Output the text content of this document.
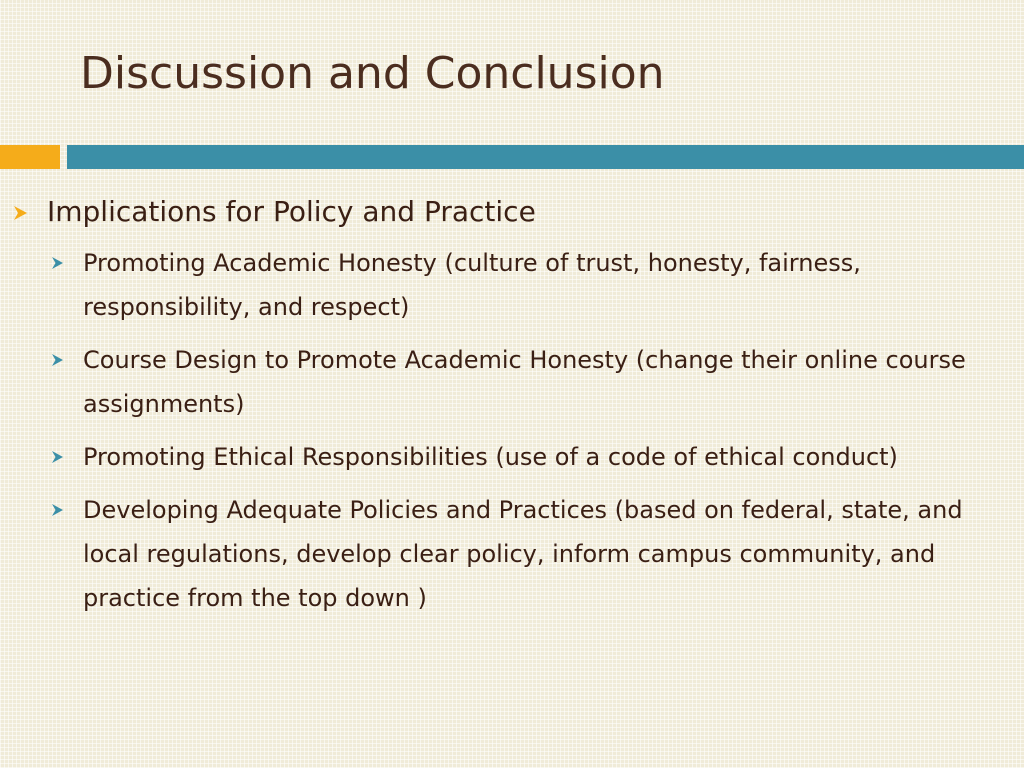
Discussion and Conclusion
Implications for Policy and Practice
Promoting Academic Honesty (culture of trust, honesty, fairness, responsibility, and respect)
Course Design to Promote Academic Honesty (change their online course assignments)
Promoting Ethical Responsibilities (use of a code of ethical conduct)
Developing Adequate Policies and Practices (based on federal, state, and local regulations, develop clear policy, inform campus community, and practice from the top down )
